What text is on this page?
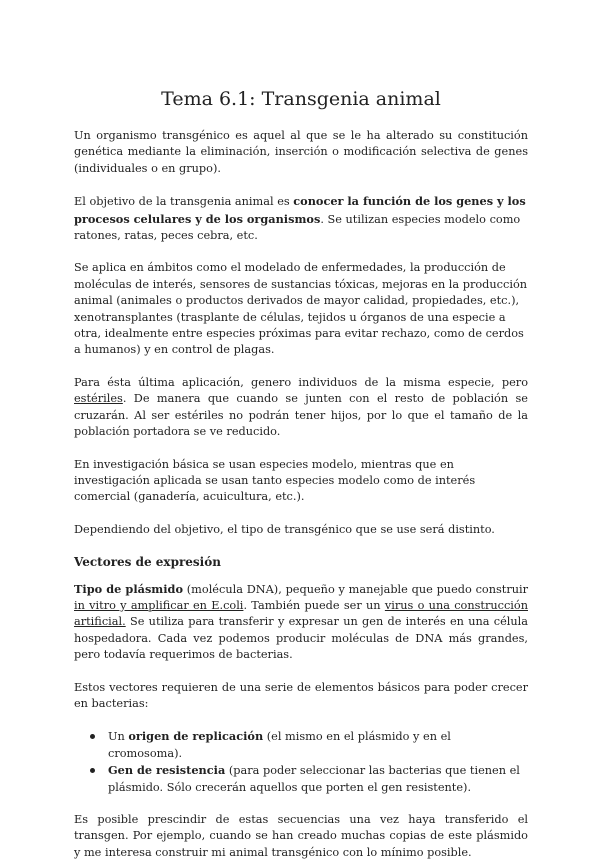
Tema 6.1: Transgenia animal

Un organismo transgénico es aquel al que se le ha alterado su constitución genética mediante la eliminación, inserción o modificación selectiva de genes (individuales o en grupo).

El objetivo de la transgenia animal es conocer la función de los genes y los procesos celulares y de los organismos. Se utilizan especies modelo como ratones, ratas, peces cebra, etc.

Se aplica en ámbitos como el modelado de enfermedades, la producción de moléculas de interés, sensores de sustancias tóxicas, mejoras en la producción animal (animales o productos derivados de mayor calidad, propiedades, etc.), xenotransplantes (trasplante de células, tejidos u órganos de una especie a otra, idealmente entre especies próximas para evitar rechazo, como de cerdos a humanos) y en control de plagas.

Para ésta última aplicación, genero individuos de la misma especie, pero estériles. De manera que cuando se junten con el resto de población se cruzarán. Al ser estériles no podrán tener hijos, por lo que el tamaño de la población portadora se ve reducido.

En investigación básica se usan especies modelo, mientras que en investigación aplicada se usan tanto especies modelo como de interés comercial (ganadería, acuicultura, etc.).

Dependiendo del objetivo, el tipo de transgénico que se use será distinto.

Vectores de expresión

Tipo de plásmido (molécula DNA), pequeño y manejable que puedo construir in vitro y amplificar en E.coli. También puede ser un virus o una construcción artificial. Se utiliza para transferir y expresar un gen de interés en una célula hospedadora. Cada vez podemos producir moléculas de DNA más grandes, pero todavía requerimos de bacterias.

Estos vectores requieren de una serie de elementos básicos para poder crecer en bacterias:

Un origen de replicación (el mismo en el plásmido y en el cromosoma).
Gen de resistencia (para poder seleccionar las bacterias que tienen el plásmido. Sólo crecerán aquellos que porten el gen resistente).

Es posible prescindir de estas secuencias una vez haya transferido el transgen. Por ejemplo, cuando se han creado muchas copias de este plásmido y me interesa construir mi animal transgénico con lo mínimo posible.
